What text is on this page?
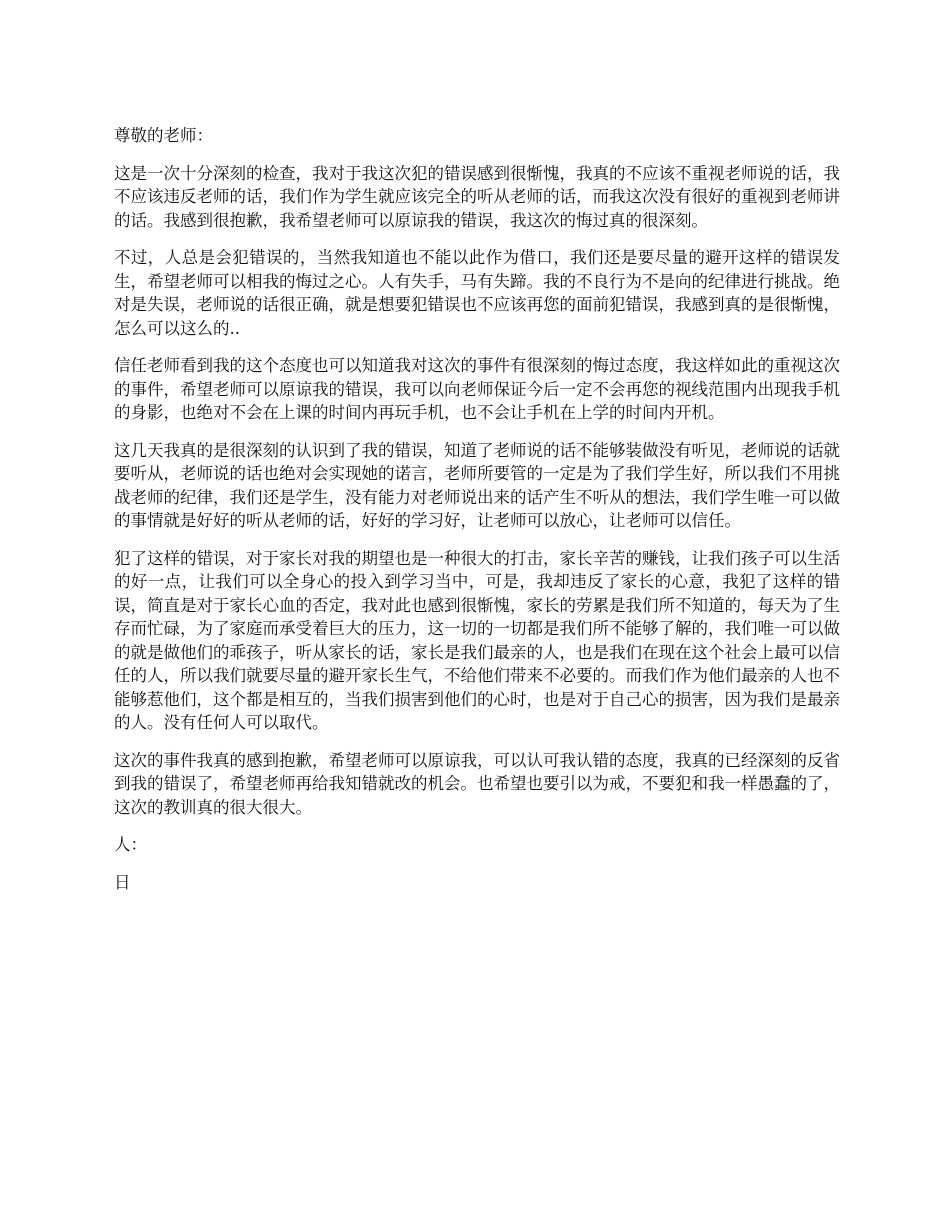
尊敬的老师：

这是一次十分深刻的检查，我对于我这次犯的错误感到很惭愧，我真的不应该不重视老师说的话，我不应该违反老师的话，我们作为学生就应该完全的听从老师的话，而我这次没有很好的重视到老师讲的话。我感到很抱歉，我希望老师可以原谅我的错误，我这次的悔过真的很深刻。

不过，人总是会犯错误的，当然我知道也不能以此作为借口，我们还是要尽量的避开这样的错误发生，希望老师可以相我的悔过之心。人有失手，马有失蹄。我的不良行为不是向的纪律进行挑战。绝对是失误，老师说的话很正确，就是想要犯错误也不应该再您的面前犯错误，我感到真的是很惭愧，怎么可以这么的..

信任老师看到我的这个态度也可以知道我对这次的事件有很深刻的悔过态度，我这样如此的重视这次的事件，希望老师可以原谅我的错误，我可以向老师保证今后一定不会再您的视线范围内出现我手机的身影，也绝对不会在上课的时间内再玩手机，也不会让手机在上学的时间内开机。

这几天我真的是很深刻的认识到了我的错误，知道了老师说的话不能够装做没有听见，老师说的话就要听从，老师说的话也绝对会实现她的诺言，老师所要管的一定是为了我们学生好，所以我们不用挑战老师的纪律，我们还是学生，没有能力对老师说出来的话产生不听从的想法，我们学生唯一可以做的事情就是好好的听从老师的话，好好的学习好，让老师可以放心，让老师可以信任。

犯了这样的错误，对于家长对我的期望也是一种很大的打击，家长辛苦的赚钱，让我们孩子可以生活的好一点，让我们可以全身心的投入到学习当中，可是，我却违反了家长的心意，我犯了这样的错误，简直是对于家长心血的否定，我对此也感到很惭愧，家长的劳累是我们所不知道的，每天为了生存而忙碌，为了家庭而承受着巨大的压力，这一切的一切都是我们所不能够了解的，我们唯一可以做的就是做他们的乖孩子，听从家长的话，家长是我们最亲的人，也是我们在现在这个社会上最可以信任的人，所以我们就要尽量的避开家长生气，不给他们带来不必要的。而我们作为他们最亲的人也不能够惹他们，这个都是相互的，当我们损害到他们的心时，也是对于自己心的损害，因为我们是最亲的人。没有任何人可以取代。

这次的事件我真的感到抱歉，希望老师可以原谅我，可以认可我认错的态度，我真的已经深刻的反省到我的错误了，希望老师再给我知错就改的机会。也希望也要引以为戒，不要犯和我一样愚蠢的了，这次的教训真的很大很大。

人：

日
